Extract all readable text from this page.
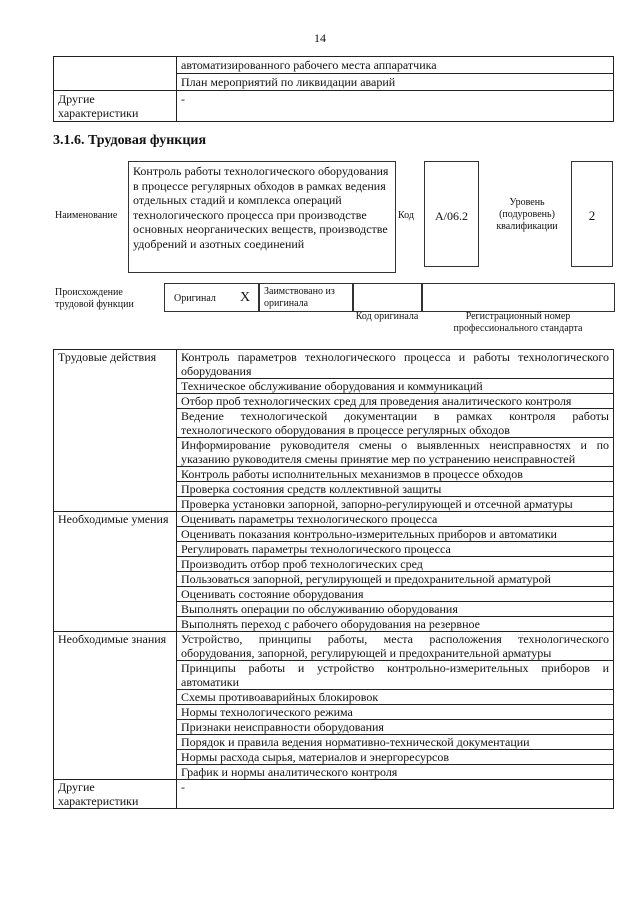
14
	автоматизированного рабочего места аппаратчика
	План мероприятий по ликвидации аварий
Другие характеристики	-
3.1.6. Трудовая функция
Наименование
Контроль работы технологического оборудования в процессе регулярных обходов в рамках ведения отдельных стадий и комплекса операций технологического процесса при производстве основных неорганических веществ, производстве удобрений и азотных соединений
Код	А/06.2
Уровень (подуровень) квалификации
2
Происхождение трудовой функции
Оригинал X Заимствовано из оригинала
Код оригинала	Регистрационный номер профессионального стандарта
Трудовые действия	Контроль параметров технологического процесса и работы технологического оборудования
	Техническое обслуживание оборудования и коммуникаций
	Отбор проб технологических сред для проведения аналитического контроля
	Ведение технологической документации в рамках контроля работы технологического оборудования в процессе регулярных обходов
	Информирование руководителя смены о выявленных неисправностях и по указанию руководителя смены принятие мер по устранению неисправностей
	Контроль работы исполнительных механизмов в процессе обходов
	Проверка состояния средств коллективной защиты
	Проверка установки запорной, запорно-регулирующей и отсечной арматуры
Необходимые умения	Оценивать параметры технологического процесса
	Оценивать показания контрольно-измерительных приборов и автоматики
	Регулировать параметры технологического процесса
	Производить отбор проб технологических сред
	Пользоваться запорной, регулирующей и предохранительной арматурой
	Оценивать состояние оборудования
	Выполнять операции по обслуживанию оборудования
	Выполнять переход с рабочего оборудования на резервное
Необходимые знания	Устройство, принципы работы, места расположения технологического оборудования, запорной, регулирующей и предохранительной арматуры
	Принципы работы и устройство контрольно-измерительных приборов и автоматики
	Схемы противоаварийных блокировок
	Нормы технологического режима
	Признаки неисправности оборудования
	Порядок и правила ведения нормативно-технической документации
	Нормы расхода сырья, материалов и энергоресурсов
	График и нормы аналитического контроля
Другие характеристики	-
